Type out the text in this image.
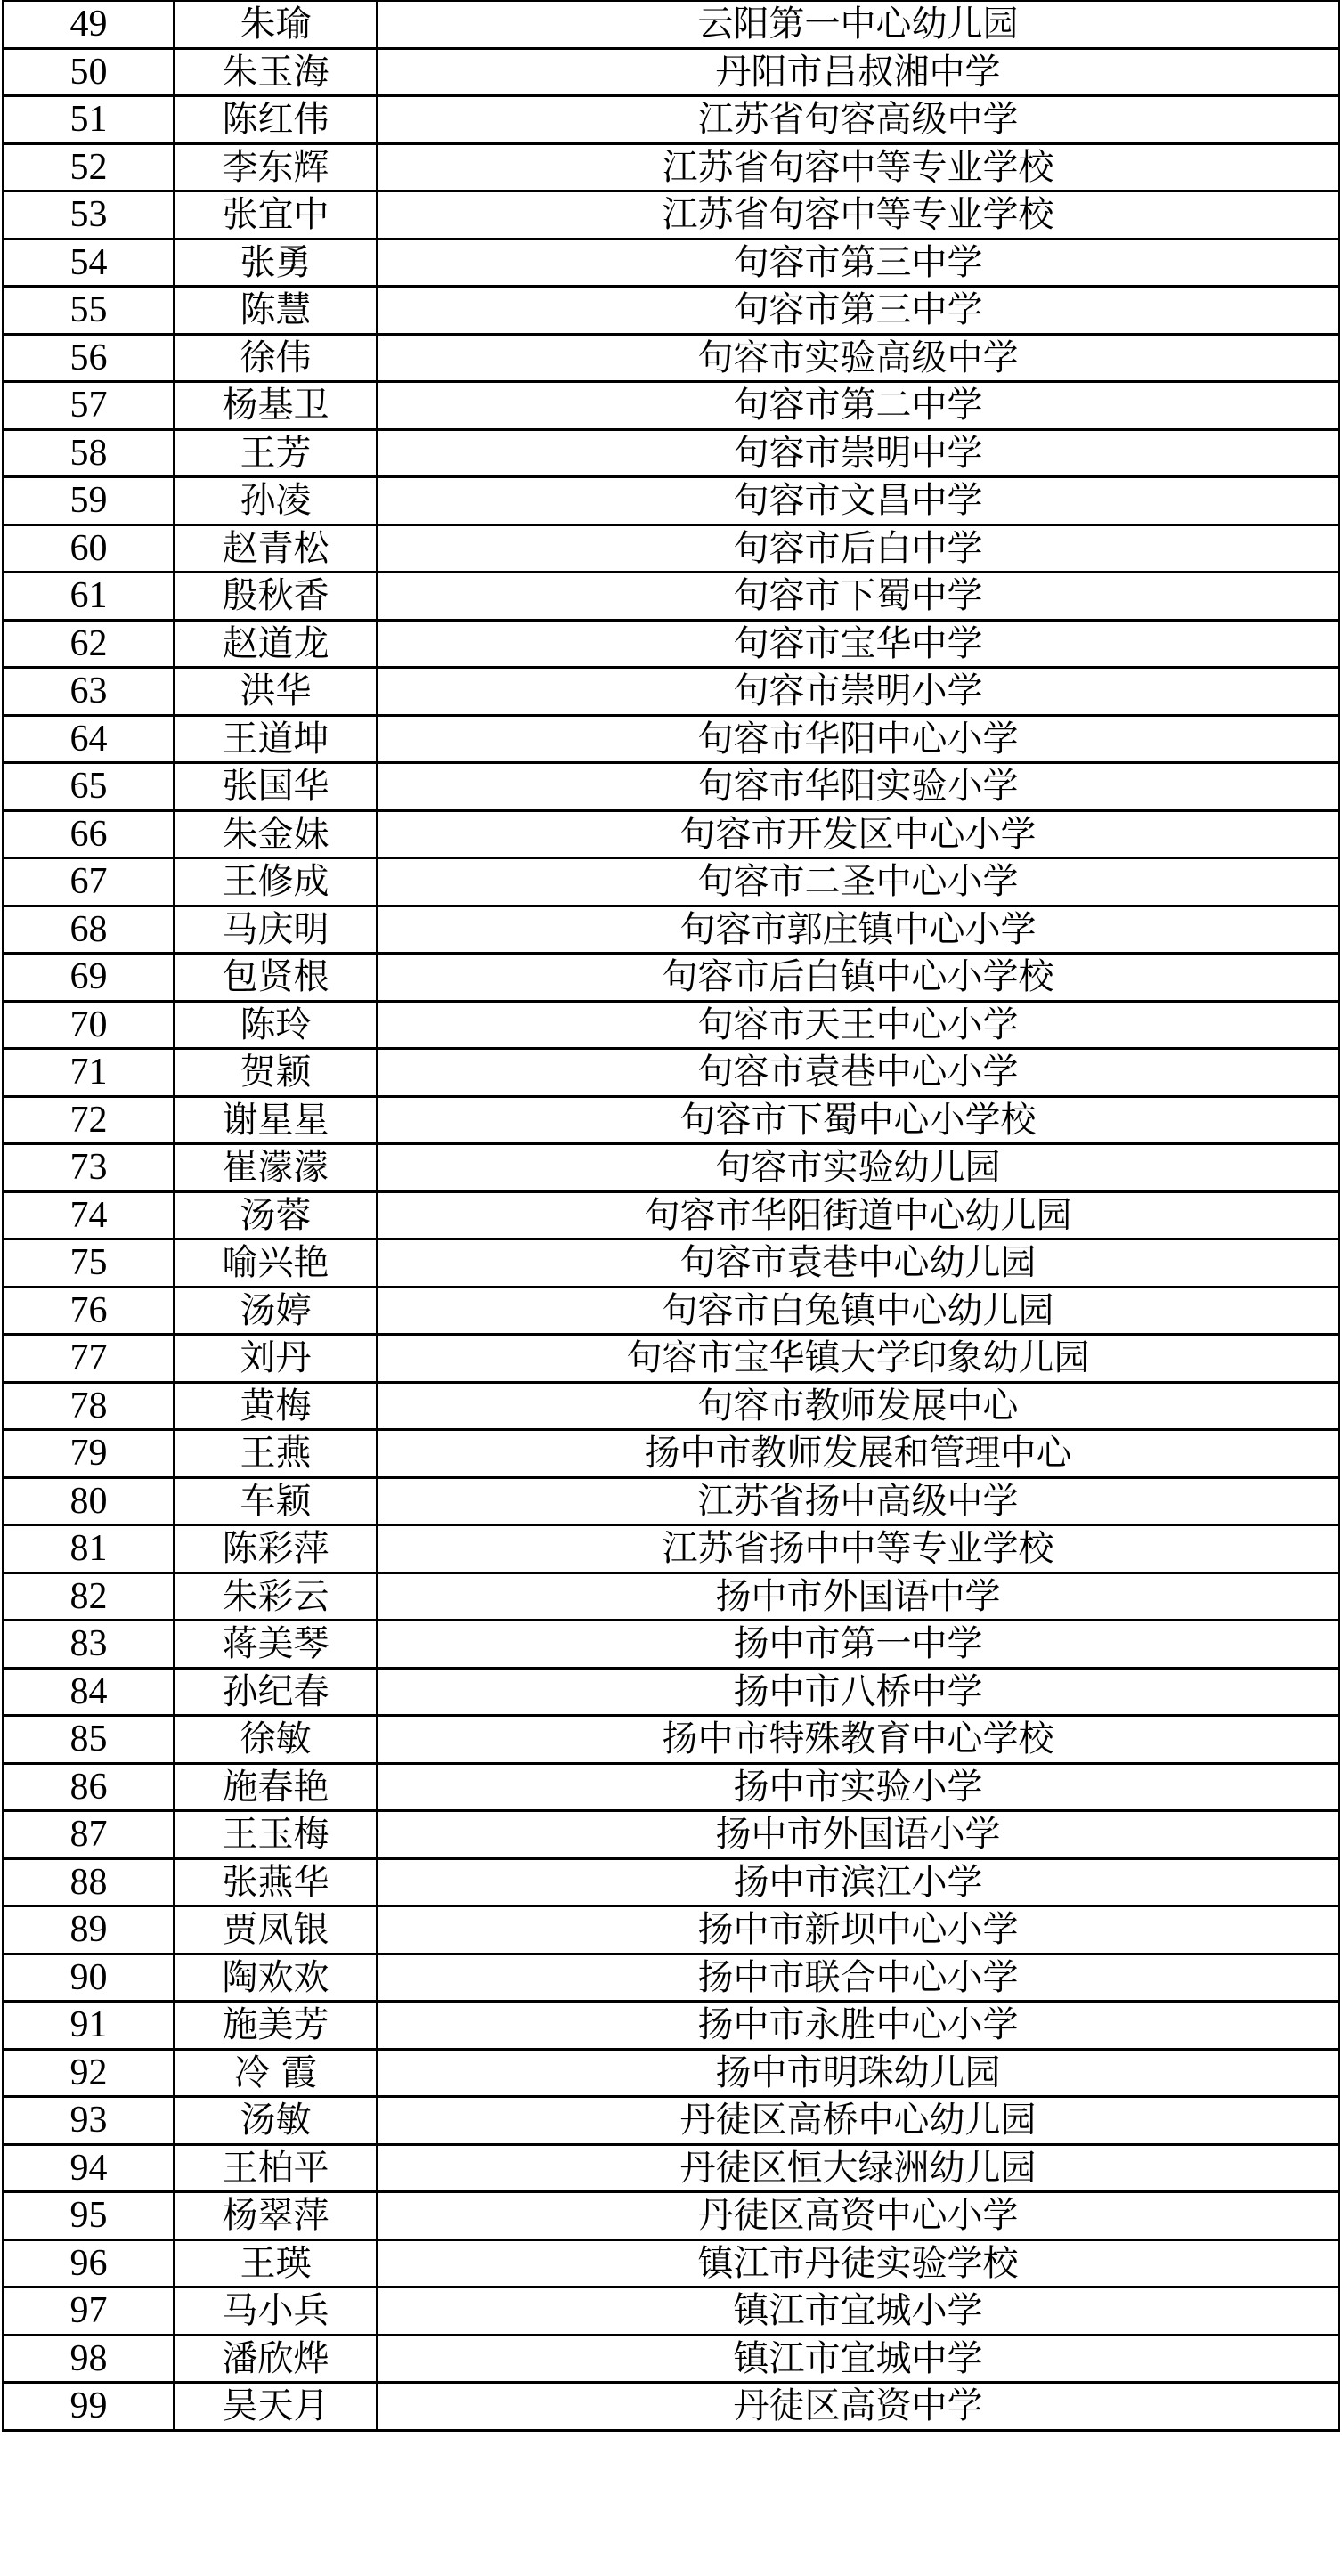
49	朱瑜	云阳第一中心幼儿园
50	朱玉海	丹阳市吕叔湘中学
51	陈红伟	江苏省句容高级中学
52	李东辉	江苏省句容中等专业学校
53	张宜中	江苏省句容中等专业学校
54	张勇	句容市第三中学
55	陈慧	句容市第三中学
56	徐伟	句容市实验高级中学
57	杨基卫	句容市第二中学
58	王芳	句容市崇明中学
59	孙凌	句容市文昌中学
60	赵青松	句容市后白中学
61	殷秋香	句容市下蜀中学
62	赵道龙	句容市宝华中学
63	洪华	句容市崇明小学
64	王道坤	句容市华阳中心小学
65	张国华	句容市华阳实验小学
66	朱金妹	句容市开发区中心小学
67	王修成	句容市二圣中心小学
68	马庆明	句容市郭庄镇中心小学
69	包贤根	句容市后白镇中心小学校
70	陈玲	句容市天王中心小学
71	贺颖	句容市袁巷中心小学
72	谢星星	句容市下蜀中心小学校
73	崔濛濛	句容市实验幼儿园
74	汤蓉	句容市华阳街道中心幼儿园
75	喻兴艳	句容市袁巷中心幼儿园
76	汤婷	句容市白兔镇中心幼儿园
77	刘丹	句容市宝华镇大学印象幼儿园
78	黄梅	句容市教师发展中心
79	王燕	扬中市教师发展和管理中心
80	车颖	江苏省扬中高级中学
81	陈彩萍	江苏省扬中中等专业学校
82	朱彩云	扬中市外国语中学
83	蒋美琴	扬中市第一中学
84	孙纪春	扬中市八桥中学
85	徐敏	扬中市特殊教育中心学校
86	施春艳	扬中市实验小学
87	王玉梅	扬中市外国语小学
88	张燕华	扬中市滨江小学
89	贾凤银	扬中市新坝中心小学
90	陶欢欢	扬中市联合中心小学
91	施美芳	扬中市永胜中心小学
92	冷 霞	扬中市明珠幼儿园
93	汤敏	丹徒区高桥中心幼儿园
94	王柏平	丹徒区恒大绿洲幼儿园
95	杨翠萍	丹徒区高资中心小学
96	王瑛	镇江市丹徒实验学校
97	马小兵	镇江市宜城小学
98	潘欣烨	镇江市宜城中学
99	吴天月	丹徒区高资中学
